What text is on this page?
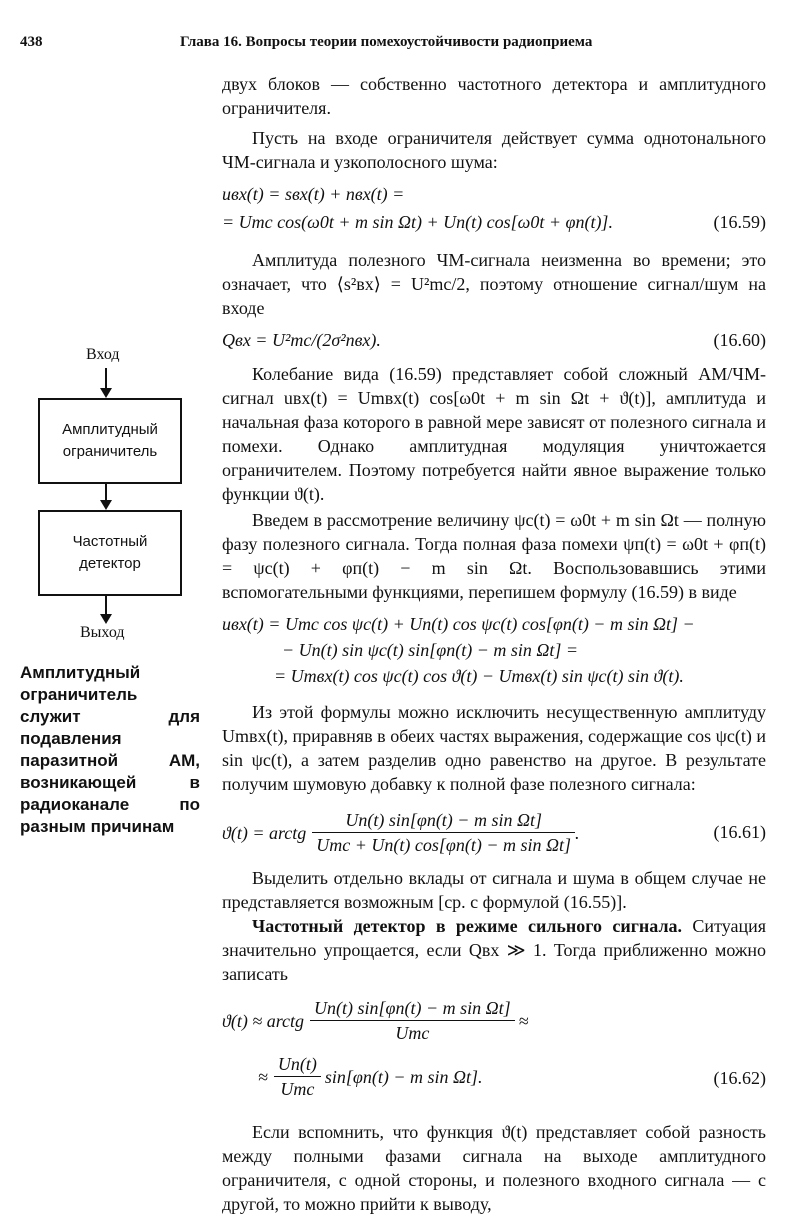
438	Глава 16. Вопросы теории помехоустойчивости радиоприема
Вход
Амплитудный
ограничитель
Частотный
детектор
Выход
Амплитудный ограничитель служит для подавления паразитной АМ, возникающей в радиоканале по разным причинам

двух блоков — собственно частотного детектора и амплитудного ограничителя.

Пусть на входе ограничителя действует сумма однотонального ЧМ-сигнала и узкополосного шума:

uвх(t) = sвх(t) + nвх(t) =
= Umc cos(ω0t + m sin Ωt) + Uп(t) cos[ω0t + φп(t)].	(16.59)

Амплитуда полезного ЧМ-сигнала неизменна во времени; это означает, что ⟨s²вх⟩ = U²mc/2, поэтому отношение сигнал/шум на входе

Qвх = U²mc/(2σ²nвх).	(16.60)

Колебание вида (16.59) представляет собой сложный АМ/ЧМ-сигнал uвх(t) = Umвх(t) cos[ω0t + m sin Ωt + ϑ(t)], амплитуда и начальная фаза которого в равной мере зависят от полезного сигнала и помехи. Однако амплитудная модуляция уничтожается ограничителем. Поэтому потребуется найти явное выражение только функции ϑ(t).

Введем в рассмотрение величину ψc(t) = ω0t + m sin Ωt — полную фазу полезного сигнала. Тогда полная фаза помехи ψп(t) = ω0t + φп(t) = ψc(t) + φп(t) − m sin Ωt. Воспользовавшись этими вспомогательными функциями, перепишем формулу (16.59) в виде

uвх(t) = Umc cos ψc(t) + Uп(t) cos ψc(t) cos[φп(t) − m sin Ωt] −
− Uп(t) sin ψc(t) sin[φп(t) − m sin Ωt] =
= Umвх(t) cos ψc(t) cos ϑ(t) − Umвх(t) sin ψc(t) sin ϑ(t).

Из этой формулы можно исключить несущественную амплитуду Umвх(t), приравняв в обеих частях выражения, содержащие cos ψc(t) и sin ψc(t), а затем разделив одно равенство на другое. В результате получим шумовую добавку к полной фазе полезного сигнала:

ϑ(t) = arctg $\frac{\text{Uп(t) sin[φп(t) − m sin Ωt]}}{\text{Umc + Uп(t) cos[φп(t) − m sin Ωt]}}$ .	(16.61)

Выделить отдельно вклады от сигнала и шума в общем случае не представляется возможным [ср. с формулой (16.55)].

Частотный детектор в режиме сильного сигнала. Ситуация значительно упрощается, если Qвх ≫ 1. Тогда приближенно можно записать

ϑ(t) ≈ arctg $\frac{\text{Uп(t) sin[φп(t) − m sin Ωt]}}{\text{Umc}}$ ≈
≈ $\frac{Uп(t)}{\text{Umc}} \sin[\varphi п(t) - m$ sin Ωt].	(16.62)

Если вспомнить, что функция ϑ(t) представляет собой разность между полными фазами сигнала на выходе амплитудного ограничителя, с одной стороны, и полезного входного сигнала — с другой, то можно прийти к выводу,
